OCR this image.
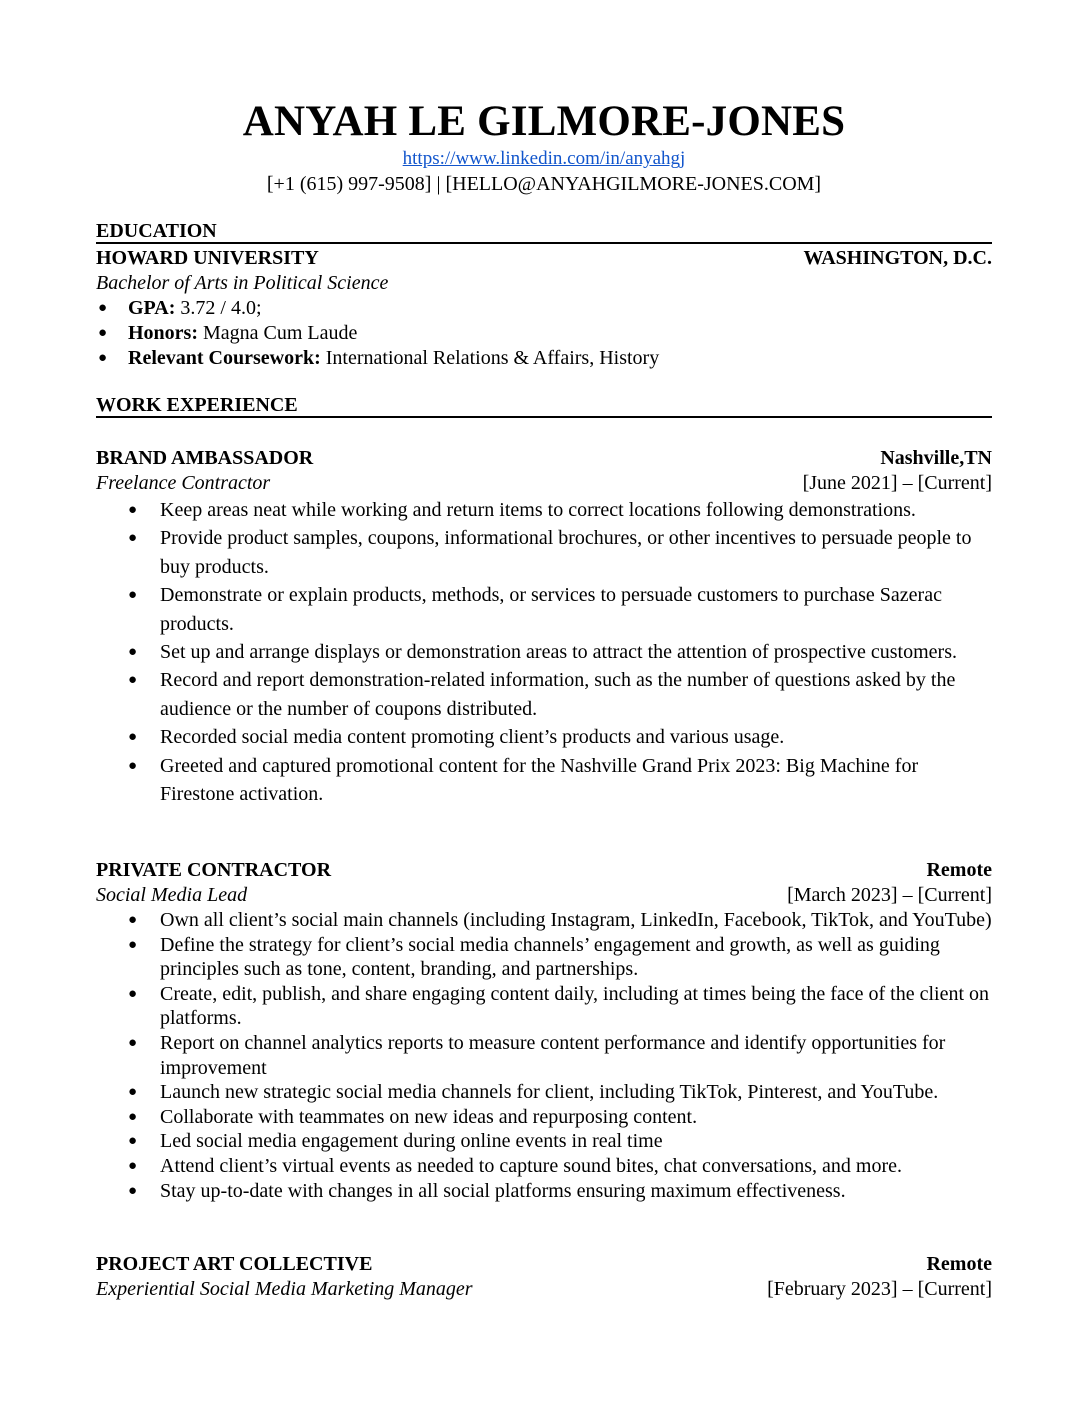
ANYAH LE GILMORE-JONES
https://www.linkedin.com/in/anyahgj
[+1 (615) 997-9508] | [HELLO@ANYAHGILMORE-JONES.COM]
EDUCATION
HOWARD UNIVERSITY	WASHINGTON, D.C.
Bachelor of Arts in Political Science
● GPA: 3.72 / 4.0;
● Honors: Magna Cum Laude
● Relevant Coursework: International Relations & Affairs, History
WORK EXPERIENCE
BRAND AMBASSADOR	Nashville,TN
Freelance Contractor	[June 2021] – [Current]
● Keep areas neat while working and return items to correct locations following demonstrations.
● Provide product samples, coupons, informational brochures, or other incentives to persuade people to buy products.
● Demonstrate or explain products, methods, or services to persuade customers to purchase Sazerac products.
● Set up and arrange displays or demonstration areas to attract the attention of prospective customers.
● Record and report demonstration-related information, such as the number of questions asked by the audience or the number of coupons distributed.
● Recorded social media content promoting client’s products and various usage.
● Greeted and captured promotional content for the Nashville Grand Prix 2023: Big Machine for Firestone activation.
PRIVATE CONTRACTOR	Remote
Social Media Lead	[March 2023] – [Current]
● Own all client’s social main channels (including Instagram, LinkedIn, Facebook, TikTok, and YouTube)
● Define the strategy for client’s social media channels’ engagement and growth, as well as guiding principles such as tone, content, branding, and partnerships.
● Create, edit, publish, and share engaging content daily, including at times being the face of the client on platforms.
● Report on channel analytics reports to measure content performance and identify opportunities for improvement
● Launch new strategic social media channels for client, including TikTok, Pinterest, and YouTube.
● Collaborate with teammates on new ideas and repurposing content.
● Led social media engagement during online events in real time
● Attend client’s virtual events as needed to capture sound bites, chat conversations, and more.
● Stay up-to-date with changes in all social platforms ensuring maximum effectiveness.
PROJECT ART COLLECTIVE	Remote
Experiential Social Media Marketing Manager	[February 2023] – [Current]
